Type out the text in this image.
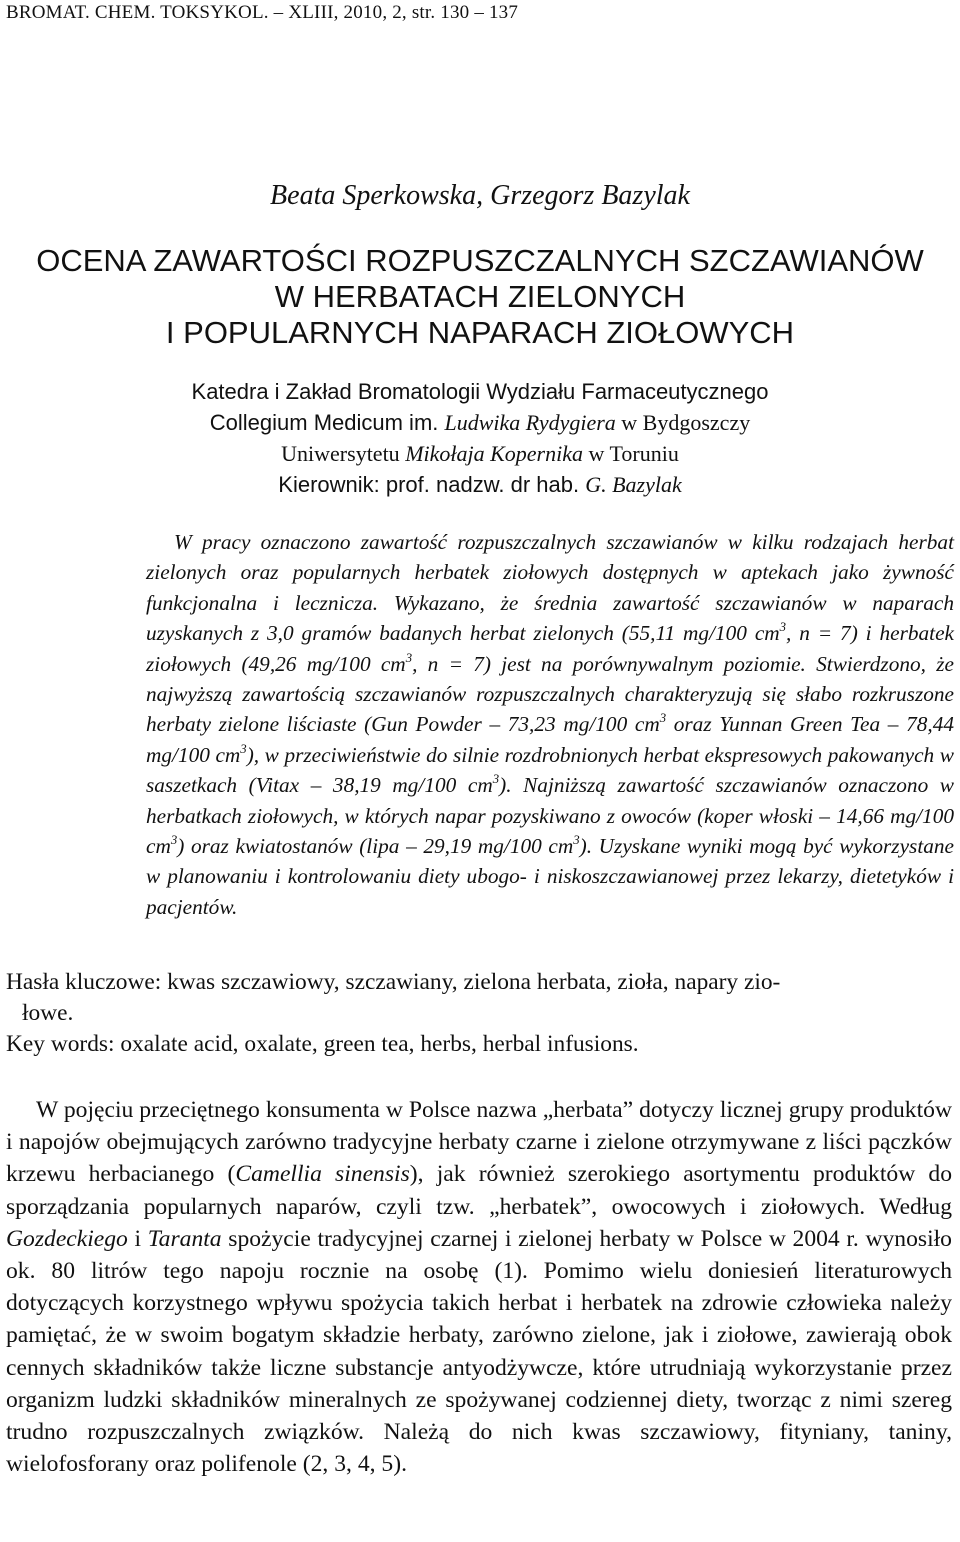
BROMAT. CHEM. TOKSYKOL. – XLIII, 2010, 2, str. 130 – 137
Beata Sperkowska, Grzegorz Bazylak
OCENA ZAWARTOŚCI ROZPUSZCZALNYCH SZCZAWIANÓW
W HERBATACH ZIELONYCH
I POPULARNYCH NAPARACH ZIOŁOWYCH
Katedra i Zakład Bromatologii Wydziału Farmaceutycznego
Collegium Medicum im. Ludwika Rydygiera w Bydgoszczy
Uniwersytetu Mikołaja Kopernika w Toruniu
Kierownik: prof. nadzw. dr hab. G. Bazylak

W pracy oznaczono zawartość rozpuszczalnych szczawianów w kilku rodzajach herbat zielonych oraz popularnych herbatek ziołowych dostępnych w aptekach jako żywność funkcjonalna i lecznicza. Wykazano, że średnia zawartość szczawianów w naparach uzyskanych z 3,0 gramów badanych herbat zielonych (55,11 mg/100 $cm^3$, n = 7) i herbatek ziołowych (49,26 mg/100 $cm^3$, n = 7) jest na porównywalnym poziomie. Stwierdzono, że najwyższą zawartością szczawianów rozpuszczalnych charakteryzują się słabo rozkruszone herbaty zielone liściaste (Gun Powder – 73,23 mg/100 $cm^3$ oraz Yunnan Green Tea – 78,44 mg/100 $cm^3$), w przeciwieństwie do silnie rozdrobnionych herbat ekspresowych pakowanych w saszetkach (Vitax – 38,19 mg/100 $cm^3$). Najniższą zawartość szczawianów oznaczono w herbatkach ziołowych, w których napar pozyskiwano z owoców (koper włoski – 14,66 mg/100 $cm^3$) oraz kwiatostanów (lipa – 29,19 mg/100 $cm^3$). Uzyskane wyniki mogą być wykorzystane w planowaniu i kontrolowaniu diety ubogo- i niskoszczawianowej przez lekarzy, dietetyków i pacjentów.

Hasła kluczowe: kwas szczawiowy, szczawiany, zielona herbata, zioła, napary zio-
łowe.
Key words: oxalate acid, oxalate, green tea, herbs, herbal infusions.

W pojęciu przeciętnego konsumenta w Polsce nazwa „herbata” dotyczy licznej grupy produktów i napojów obejmujących zarówno tradycyjne herbaty czarne i zielone otrzymywane z liści pączków krzewu herbacianego (Camellia sinensis), jak również szerokiego asortymentu produktów do sporządzania popularnych naparów, czyli tzw. „herbatek”, owocowych i ziołowych. Według Gozdeckiego i Taranta spożycie tradycyjnej czarnej i zielonej herbaty w Polsce w 2004 r. wynosiło ok. 80 litrów tego napoju rocznie na osobę (1). Pomimo wielu doniesień literaturowych dotyczących korzystnego wpływu spożycia takich herbat i herbatek na zdrowie człowieka należy pamiętać, że w swoim bogatym składzie herbaty, zarówno zielone, jak i ziołowe, zawierają obok cennych składników także liczne substancje antyodżywcze, które utrudniają wykorzystanie przez organizm ludzki składników mineralnych ze spożywanej codziennej diety, tworząc z nimi szereg trudno rozpuszczalnych związków. Należą do nich kwas szczawiowy, fityniany, taniny, wielofosforany oraz polifenole (2, 3, 4, 5).
